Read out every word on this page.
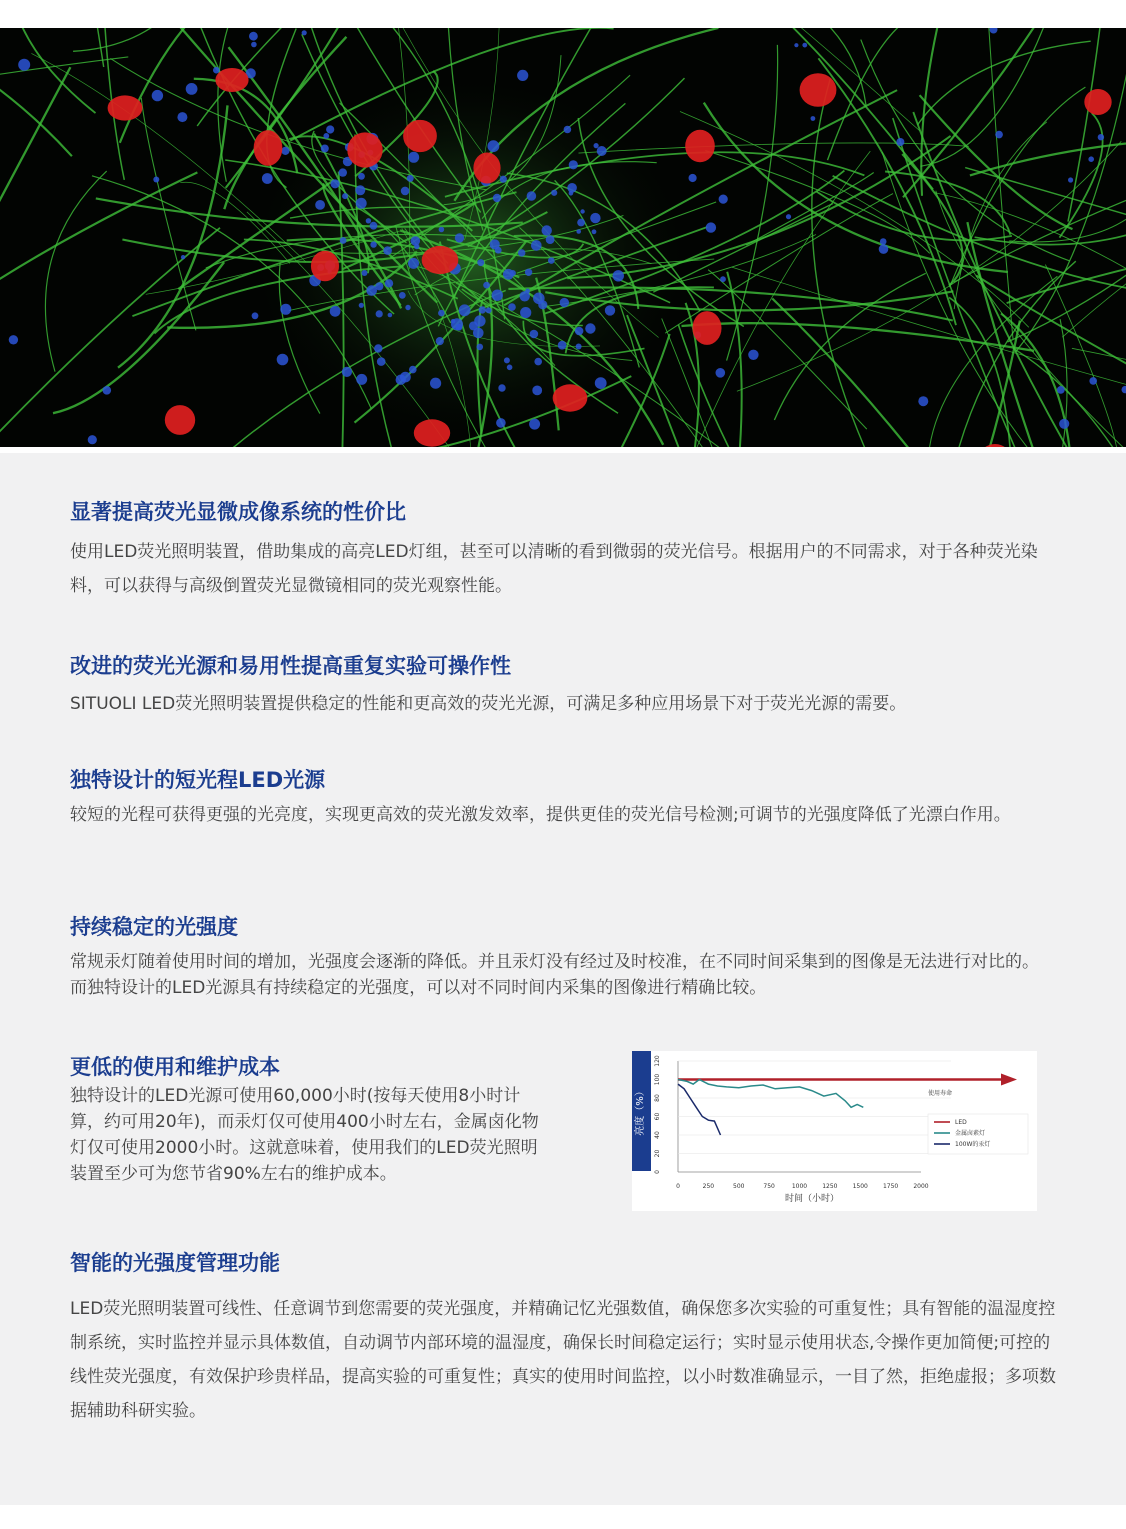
显著提高荧光显微成像系统的性价比

使用LED荧光照明装置，借助集成的高亮LED灯组，甚至可以清晰的看到微弱的荧光信号。根据用户的不同需求，对于各种荧光染料，可以获得与高级倒置荧光显微镜相同的荧光观察性能。

改进的荧光光源和易用性提高重复实验可操作性

SITUOLI LED荧光照明装置提供稳定的性能和更高效的荧光光源，可满足多种应用场景下对于荧光光源的需要。

独特设计的短光程LED光源

较短的光程可获得更强的光亮度，实现更高效的荧光激发效率，提供更佳的荧光信号检测;可调节的光强度降低了光漂白作用。

持续稳定的光强度

常规汞灯随着使用时间的增加，光强度会逐渐的降低。并且汞灯没有经过及时校准，在不同时间采集到的图像是无法进行对比的。而独特设计的LED光源具有持续稳定的光强度，可以对不同时间内采集的图像进行精确比较。

更低的使用和维护成本

独特设计的LED光源可使用60,000小时(按每天使用8小时计算，约可用20年)，而汞灯仅可使用400小时左右，金属卤化物灯仅可使用2000小时。这就意味着，使用我们的LED荧光照明装置至少可为您节省90%左右的维护成本。

亮度（%）
时间（小时）
使用寿命
0
20
40
60
80
100
120
0	250	500	750	1000	1250	1500	1750	2000
LED
金属卤素灯
100W的汞灯
智能的光强度管理功能

LED荧光照明装置可线性、任意调节到您需要的荧光强度，并精确记忆光强数值，确保您多次实验的可重复性；具有智能的温湿度控制系统，实时监控并显示具体数值，自动调节内部环境的温湿度，确保长时间稳定运行；实时显示使用状态,令操作更加简便;可控的线性荧光强度，有效保护珍贵样品，提高实验的可重复性；真实的使用时间监控，以小时数准确显示，一目了然，拒绝虚报；多项数据辅助科研实验。
